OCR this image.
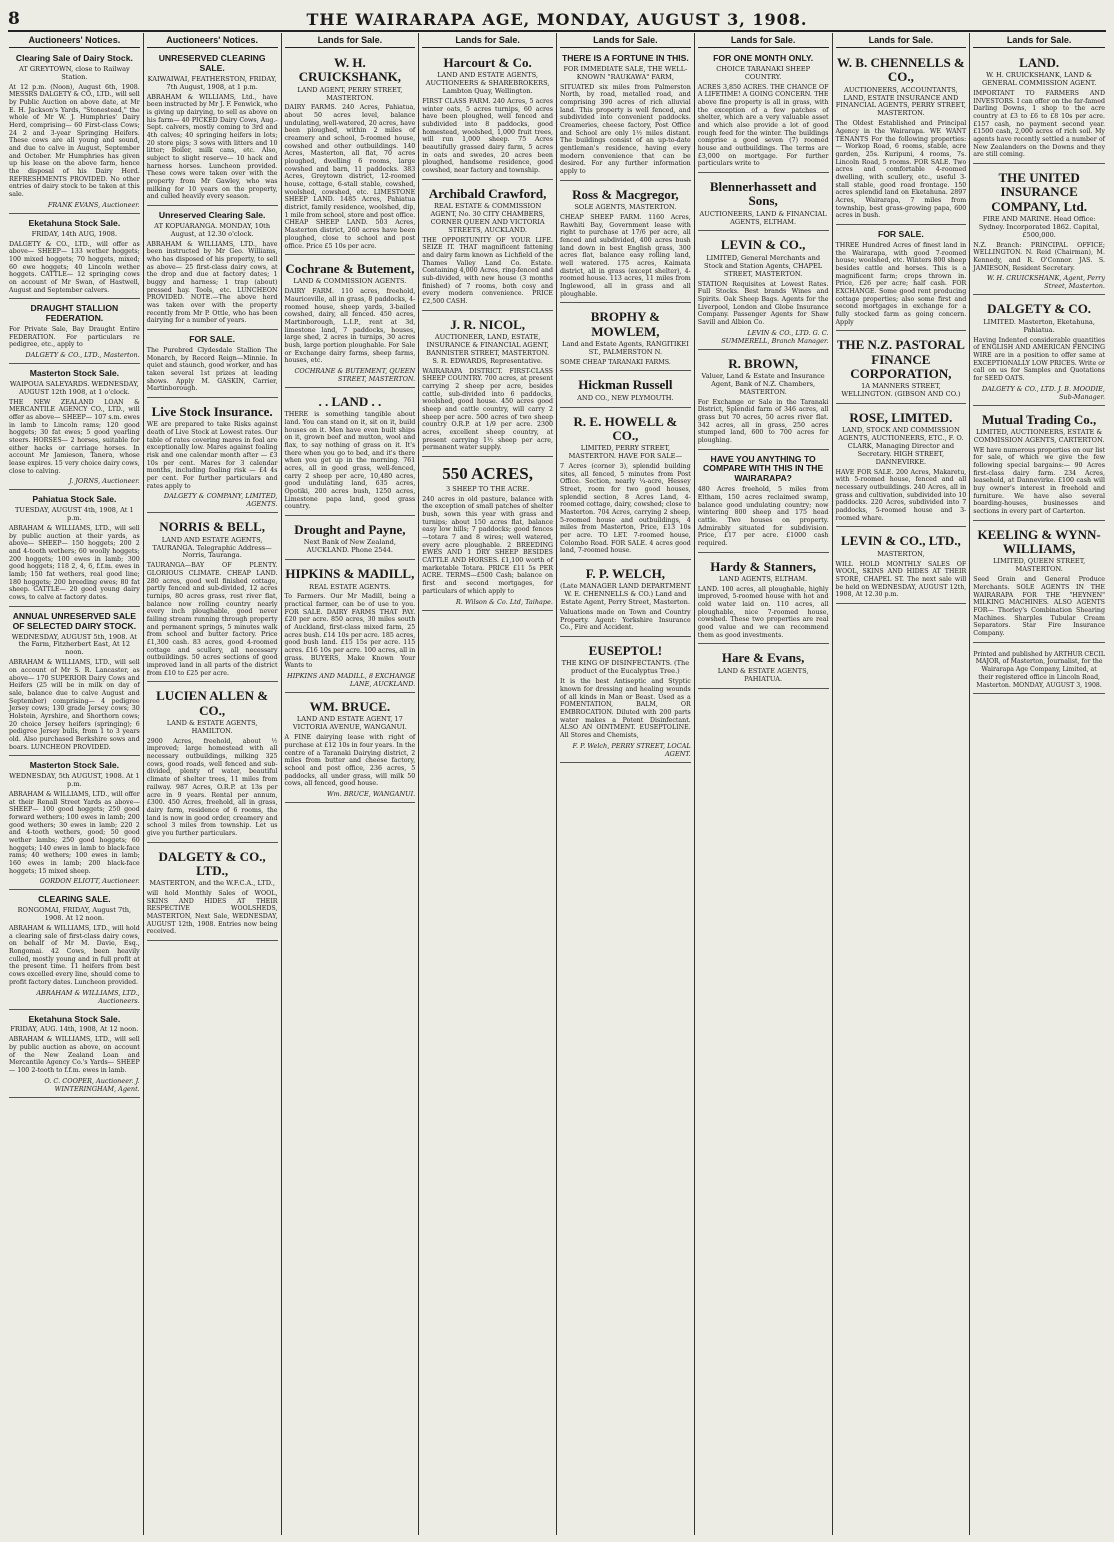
8	THE WAIRARAPA AGE, MONDAY, AUGUST 3, 1908.
Auctioneers' Notices.
Clearing Sale of Dairy Stock.
AT GREYTOWN, close to Railway Station.
At 12 p.m. (Noon), August 6th, 1908. MESSRS DALGETY & CO., LTD., will sell by Public Auction on above date, at Mr E. H. Jackson's Yards, "Stonestead," the whole of Mr W. J. Humphries' Dairy Herd, comprising— 60 First-class Cows; 24 2 and 3-year Springing Heifers. These cows are all young and sound, and due to calve in August, September and October. Mr Humphries has given up his lease on the above farm, hence the disposal of his Dairy Herd. REFRESHMENTS PROVIDED. No other entries of dairy stock to be taken at this sale.
FRANK EVANS, Auctioneer.
Eketahuna Stock Sale.
FRIDAY, 14th AUG, 1908.
DALGETY & CO., LTD., will offer as above— SHEEP— 133 wether hoggets; 100 mixed hoggets; 70 hoggets, mixed; 60 ewe hoggets; 40 Lincoln wether hoggets. CATTLE— 12 springing cows on account of Mr Swan, of Hastwell, August and September calvers.
DRAUGHT STALLION FEDERATION.
For Private Sale, Bay Draught Entire FEDERATION. For particulars re pedigree, etc., apply to
DALGETY & CO., LTD., Masterton.
Masterton Stock Sale.
WAIPOUA SALEYARDS. WEDNESDAY, AUGUST 12th 1908, at 1 o'clock.
THE NEW ZEALAND LOAN & MERCANTILE AGENCY CO., LTD., will offer as above— SHEEP— 107 s.m. ewes in lamb to Lincoln rams; 120 good hoggets; 30 fat ewes; 5 good yearling steers. HORSES— 2 horses, suitable for either hacks or carriage horses. In account Mr Jamieson, Tanera, whose lease expires. 15 very choice dairy cows, close to calving.
J. JORNS, Auctioneer.
Pahiatua Stock Sale.
TUESDAY, AUGUST 4th, 1908, At 1 p.m.
ABRAHAM & WILLIAMS, LTD., will sell by public auction at their yards, as above— SHEEP— 150 hoggets; 200 2 and 4-tooth wethers; 60 woolly hoggets; 200 hoggets; 100 ewes in lamb; 300 good hoggets; 118 2, 4, 6, f.f.m. ewes in lamb; 150 fat wethers, real good line; 180 hoggets; 200 breeding ewes; 80 fat sheep. CATTLE— 20 good young dairy cows, to calve at factory dates.
ANNUAL UNRESERVED SALE OF SELECTED DAIRY STOCK.
WEDNESDAY, AUGUST 5th, 1908. At the Farm, Fitzherbert East, At 12 noon.
ABRAHAM & WILLIAMS, LTD., will sell on account of Mr S. R. Lancaster, as above— 170 SUPERIOR Dairy Cows and Heifers (25 will be in milk on day of sale, balance due to calve August and September) comprising— 4 pedigree Jersey cows; 130 grade Jersey cows; 30 Holstein, Ayrshire, and Shorthorn cows; 20 choice Jersey heifers (springing); 6 pedigree Jersey bulls, from 1 to 3 years old. Also purchased Berkshire sows and boars. LUNCHEON PROVIDED.
Masterton Stock Sale.
WEDNESDAY, 5th AUGUST, 1908. At 1 p.m.
ABRAHAM & WILLIAMS, LTD., will offer at their Renall Street Yards as above— SHEEP— 100 good hoggets; 250 good forward wethers; 100 ewes in lamb; 200 good wethers; 30 ewes in lamb; 220 2 and 4-tooth wethers, good; 50 good wether lambs; 250 good hoggets; 60 hoggets; 140 ewes in lamb to black-face rams; 40 wethers; 100 ewes in lamb; 160 ewes in lamb; 200 black-face hoggets; 15 mixed sheep.
GORDON ELIOTT, Auctioneer.
CLEARING SALE.
RONGOMAI, FRIDAY, August 7th, 1908. At 12 noon.
ABRAHAM & WILLIAMS, LTD., will hold a clearing sale of first-class dairy cows, on behalf of Mr M. Davie, Esq., Rongomai. 42 Cows, been heavily culled, mostly young and in full profit at the present time. 11 heifers from best cows excelled every line, should come to profit factory dates. Luncheon provided.
ABRAHAM & WILLIAMS, LTD., Auctioneers.
Eketahuna Stock Sale.
FRIDAY, AUG. 14th, 1908, At 12 noon.
ABRAHAM & WILLIAMS, LTD., will sell by public auction as above, on account of the New Zealand Loan and Mercantile Agency Co.'s Yards— SHEEP— 100 2-tooth to f.f.m. ewes in lamb.
O. C. COOPER, Auctioneer. J. WINTERINGHAM, Agent.
Auctioneers' Notices.
UNRESERVED CLEARING SALE.
KAIWAIWAI, FEATHERSTON, FRIDAY, 7th August, 1908, at 1 p.m.
ABRAHAM & WILLIAMS, Ltd., have been instructed by Mr J. F. Fenwick, who is giving up dairying, to sell as above on his farm— 40 PICKED Dairy Cows, Aug.-Sept. calvers, mostly coming to 3rd and 4th calves; 40 springing heifers in lots; 20 store pigs; 3 sows with litters and 10 litter; Boiler, milk cans, etc. Also, subject to slight reserve— 10 hack and harness horses. Luncheon provided. These cows were taken over with the property from Mr Gawley, who was milking for 10 years on the property, and culled heavily every season.
Unreserved Clearing Sale.
AT KOPUARANGA. MONDAY, 10th August, at 12.30 o'clock.
ABRAHAM & WILLIAMS, LTD., have been instructed by Mr Geo. Williams, who has disposed of his property, to sell as above— 25 first-class dairy cows, at the drop and due at factory dates; 1 buggy and harness; 1 trap (about) pressed hay. Tools, etc. LUNCHEON PROVIDED. NOTE.—The above herd was taken over with the property recently from Mr P. Ottle, who has been dairying for a number of years.
FOR SALE.
The Purebred Clydesdale Stallion The Monarch, by Record Reign—Minnie. In quiet and staunch, good worker, and has taken several 1st prizes at leading shows. Apply M. GASKIN, Carrier, Martinborough.
Live Stock Insurance.
WE are prepared to take Risks against death of Live Stock at Lowest rates. Our table of rates covering mares in foal are exceptionally low. Mares against foaling risk and one calendar month after — £3 10s per cent. Mares for 3 calendar months, including foaling risk — £4 4s per cent. For further particulars and rates apply to
DALGETY & COMPANY, LIMITED, AGENTS.
NORRIS & BELL,
LAND AND ESTATE AGENTS, TAURANGA. Telegraphic Address—Norris, Tauranga.
TAURANGA—BAY OF PLENTY. GLORIOUS CLIMATE. CHEAP LAND. 280 acres, good well finished cottage, partly fenced and sub-divided, 12 acres turnips, 80 acres grass, rest river flat, balance now rolling country nearly every inch ploughable, good never failing stream running through property and permanent springs, 5 minutes walk from school and butter factory. Price £1,300 cash. 83 acres, good 4-roomed cottage and scullery, all necessary outbuildings. 50 acres sections of good improved land in all parts of the district from £10 to £25 per acre.
LUCIEN ALLEN & CO.,
LAND & ESTATE AGENTS, HAMILTON.
2900 Acres, freehold, about ½ improved; large homestead with all necessary outbuildings, milking 325 cows, good roads, well fenced and sub-divided, plenty of water, beautiful climate of shelter trees, 11 miles from railway. 987 Acres, O.R.P. at 13s per acre in 9 years. Rental per annum, £300. 450 Acres, freehold, all in grass, dairy farm, residence of 6 rooms, the land is now in good order, creamery and school 3 miles from township. Let us give you further particulars.
DALGETY & CO., LTD.,
MASTERTON, and the W.F.C.A., LTD.,
will hold Monthly Sales of WOOL, SKINS AND HIDES AT THEIR RESPECTIVE WOOLSHEDS, MASTERTON, Next Sale, WEDNESDAY, AUGUST 12th, 1908. Entries now being received.
Lands for Sale.
W. H. CRUICKSHANK,
LAND AGENT, PERRY STREET, MASTERTON.
DAIRY FARMS. 240 Acres, Pahiatua, about 50 acres level, balance undulating, well-watered, 20 acres, have been ploughed, within 2 miles of creamery and school, 5-roomed house, cowshed and other outbuildings. 140 Acres, Masterton, all flat, 70 acres ploughed, dwelling 6 rooms, large cowshed and barn, 11 paddocks. 383 Acres, Greytown district, 12-roomed house, cottage, 6-stall stable, cowshed, woolshed, cowshed, etc. LIMESTONE SHEEP LAND. 1485 Acres, Pahiatua district, family residence, woolshed, dip, 1 mile from school, store and post office. CHEAP SHEEP LAND. 503 Acres, Masterton district, 260 acres have been ploughed, close to school and post office. Price £5 10s per acre.
Cochrane & Butement,
LAND & COMMISSION AGENTS.
DAIRY FARM. 110 acres, freehold, Mauriceville, all in grass, 8 paddocks, 4-roomed house, sheep yards, 3-bailed cowshed, dairy, all fenced. 450 acres, Martinborough, L.I.P., rent at 3d, limestone land, 7 paddocks, houses, large shed, 2 acres in turnips, 30 acres bush, large portion ploughable. For Sale or Exchange dairy farms, sheep farms, houses, etc.
COCHRANE & BUTEMENT, QUEEN STREET, MASTERTON.
. . LAND . .
THERE is something tangible about land. You can stand on it, sit on it, build houses on it. Men have even built ships on it, grown beef and mutton, wool and flax, to say nothing of grass on it. It's there when you go to bed, and it's there when you get up in the morning. 761 acres, all in good grass, well-fenced, carry 2 sheep per acre, 10,480 acres, good undulating land, 635 acres, Opotiki, 200 acres bush, 1250 acres, Limestone papa land, good grass country.
Drought and Payne,
Next Bank of New Zealand, AUCKLAND. Phone 2544.
HIPKINS & MADILL,
REAL ESTATE AGENTS.
To Farmers. Our Mr Madill, being a practical farmer, can be of use to you. FOR SALE. DAIRY FARMS THAT PAY. £20 per acre. 850 acres, 30 miles south of Auckland, first-class mixed farm, 25 acres bush. £14 10s per acre. 185 acres, good bush land. £15 15s per acre. 115 acres. £16 10s per acre. 100 acres, all in grass. BUYERS, Make Known Your Wants to
HIPKINS AND MADILL, 8 EXCHANGE LANE, AUCKLAND.
WM. BRUCE.
LAND AND ESTATE AGENT, 17 VICTORIA AVENUE, WANGANUI.
A FINE dairying lease with right of purchase at £12 10s in four years. In the centre of a Taranaki Dairying district, 2 miles from butter and cheese factory, school and post office, 236 acres, 5 paddocks, all under grass, will milk 50 cows, all fenced, good house.
Wm. BRUCE, WANGANUI.
Lands for Sale.
Harcourt & Co.
LAND AND ESTATE AGENTS, AUCTIONEERS & SHAREBROKERS, Lambton Quay, Wellington.
FIRST CLASS FARM. 240 Acres, 5 acres winter oats, 5 acres turnips, 60 acres have been ploughed, well fenced and subdivided into 8 paddocks, good homestead, woolshed, 1,000 fruit trees, will run 1,000 sheep. 75 Acres beautifully grassed dairy farm, 5 acres in oats and swedes, 20 acres been ploughed, handsome residence, good cowshed, near factory and township.
Archibald Crawford,
REAL ESTATE & COMMISSION AGENT, No. 30 CITY CHAMBERS, CORNER QUEEN AND VICTORIA STREETS, AUCKLAND.
THE OPPORTUNITY OF YOUR LIFE. SEIZE IT. THAT magnificent fattening and dairy farm known as Lichfield of the Thames Valley Land Co. Estate. Containing 4,000 Acres, ring-fenced and sub-divided, with new house (3 months finished) of 7 rooms, both cosy and every modern convenience. PRICE £2,500 CASH.
J. R. NICOL,
AUCTIONEER, LAND, ESTATE, INSURANCE & FINANCIAL AGENT, BANNISTER STREET, MASTERTON. S. R. EDWARDS, Representative.
WAIRARAPA DISTRICT. FIRST-CLASS SHEEP COUNTRY. 700 acres, at present carrying 2 sheep per acre, besides cattle, sub-divided into 6 paddocks, woolshed, good house. 450 acres good sheep and cattle country, will carry 2 sheep per acre. 500 acres of two sheep country O.R.P. at 1/9 per acre. 2300 acres, excellent sheep country, at present carrying 1½ sheep per acre, permanent water supply.
550 ACRES,
3 SHEEP TO THE ACRE.
240 acres in old pasture, balance with the exception of small patches of shelter bush, sown this year with grass and turnips; about 150 acres flat, balance easy low hills; 7 paddocks; good fences—totara 7 and 8 wires; well watered, every acre ploughable. 2 BREEDING EWES AND 1 DRY SHEEP BESIDES CATTLE AND HORSES. £1,100 worth of marketable Totara. PRICE £11 5s PER ACRE. TERMS—£500 Cash; balance on first and second mortgages, for particulars of which apply to
R. Wilson & Co. Ltd, Taihape.
Lands for Sale.
THERE IS A FORTUNE IN THIS.
FOR IMMEDIATE SALE, THE WELL-KNOWN "RAUKAWA" FARM,
SITUATED six miles from Palmerston North, by road, metalled road, and comprising 390 acres of rich alluvial land. This property is well fenced, and subdivided into convenient paddocks. Creameries, cheese factory, Post Office and School are only 1½ miles distant. The buildings consist of an up-to-date gentleman's residence, having every modern convenience that can be desired. For any further information apply to
Ross & Macgregor,
SOLE AGENTS, MASTERTON.
CHEAP SHEEP FARM. 1160 Acres, Rawhiti Bay, Government lease with right to purchase at 17/6 per acre, all fenced and subdivided, 400 acres bush land down in best English grass, 300 acres flat, balance easy rolling land, well watered. 175 acres, Kaimata district, all in grass (except shelter), 4-roomed house. 113 acres, 11 miles from Inglewood, all in grass and all ploughable.
BROPHY & MOWLEM,
Land and Estate Agents, RANGITIKEI ST., PALMERSTON N.
SOME CHEAP TARANAKI FARMS.
Hickman Russell
AND CO., NEW PLYMOUTH.
R. E. HOWELL & CO.,
LIMITED, PERRY STREET, MASTERTON. HAVE FOR SALE—
7 Acres (corner 3), splendid building sites, all fenced, 5 minutes from Post Office. Section, nearly ¼-acre, Hessey Street, room for two good houses, splendid section, 8 Acres Land, 4-roomed cottage, dairy, cowshed; close to Masterton. 704 Acres, carrying 2 sheep, 5-roomed house and outbuildings, 4 miles from Masterton, Price, £13 10s per acre. TO LET. 7-roomed house, Colombo Road. FOR SALE. 4 acres good land, 7-roomed house.
F. P. WELCH,
(Late MANAGER LAND DEPARTMENT W. E. CHENNELLS & CO.) Land and Estate Agent, Perry Street, Masterton.
Valuations made on Town and Country Property. Agent: Yorkshire Insurance Co., Fire and Accident.
EUSEPTOL!
THE KING OF DISINFECTANTS. (The product of the Eucalyptus Tree.)
It is the best Antiseptic and Styptic known for dressing and healing wounds of all kinds in Man or Beast. Used as a FOMENTATION, BALM, OR EMBROCATION. Diluted with 200 parts water makes a Potent Disinfectant. ALSO AN OINTMENT. EUSEPTOLINE. All Stores and Chemists,
F. P. Welch, PERRY STREET, LOCAL AGENT.
Lands for Sale.
FOR ONE MONTH ONLY.
CHOICE TARANAKI SHEEP COUNTRY.
ACRES 3,850 ACRES. THE CHANCE OF A LIFETIME! A GOING CONCERN. THE above fine property is all in grass, with the exception of a few patches of shelter, which are a very valuable asset and which also provide a lot of good rough feed for the winter. The buildings comprise a good seven (7) roomed house and outbuildings. The terms are £3,000 on mortgage. For further particulars write to
Blennerhassett and Sons,
AUCTIONEERS, LAND & FINANCIAL AGENTS, ELTHAM.
LEVIN & CO.,
LIMITED, General Merchants and Stock and Station Agents, CHAPEL STREET, MASTERTON.
STATION Requisites at Lowest Rates. Full Stocks. Best brands Wines and Spirits. Oak Sheep Bags. Agents for the Liverpool, London and Globe Insurance Company. Passenger Agents for Shaw Savill and Albion Co.
LEVIN & CO., LTD. G. C. SUMMERELL, Branch Manager.
R. BROWN,
Valuer, Land & Estate and Insurance Agent, Bank of N.Z. Chambers, MASTERTON.
For Exchange or Sale in the Taranaki District, Splendid farm of 346 acres, all grass but 70 acres, 50 acres river flat. 342 acres, all in grass, 250 acres stumped land, 600 to 700 acres for ploughing.
HAVE YOU ANYTHING TO COMPARE WITH THIS IN THE WAIRARAPA?
480 Acres freehold, 5 miles from Eltham, 150 acres reclaimed swamp, balance good undulating country; now wintering 800 sheep and 175 head cattle. Two houses on property. Admirably situated for subdivision. Price, £17 per acre. £1000 cash required.
Hardy & Stanners,
LAND AGENTS, ELTHAM.
LAND. 100 acres, all ploughable, highly improved, 5-roomed house with hot and cold water laid on. 110 acres, all ploughable, nice 7-roomed house, cowshed. These two properties are real good value and we can recommend them as good investments.
Hare & Evans,
LAND & ESTATE AGENTS, PAHIATUA.
Lands for Sale.
W. B. CHENNELLS & CO.,
AUCTIONEERS, ACCOUNTANTS, LAND, ESTATE INSURANCE AND FINANCIAL AGENTS, PERRY STREET, MASTERTON.
The Oldest Established and Principal Agency in the Wairarapa. WE WANT TENANTS For the following properties:— Workop Road, 6 rooms, stable, acre garden, 25s. Kuripuni, 4 rooms, 7s. Lincoln Road, 5 rooms. FOR SALE. Two acres and comfortable 4-roomed dwelling, with scullery, etc., useful 3-stall stable, good road frontage. 150 acres splendid land on Eketahuna. 2897 Acres, Wairarapa, 7 miles from township, best grass-growing papa, 600 acres in bush.
FOR SALE.
THREE Hundred Acres of finest land in the Wairarapa, with good 7-roomed house; woolshed, etc. Winters 800 sheep besides cattle and horses. This is a magnificent farm; crops thrown in. Price, £26 per acre; half cash. FOR EXCHANGE. Some good rent producing cottage properties; also some first and second mortgages in exchange for a fully stocked farm as going concern. Apply
THE N.Z. PASTORAL FINANCE CORPORATION,
1A MANNERS STREET, WELLINGTON. (GIBSON AND CO.)
ROSE, LIMITED.
LAND, STOCK AND COMMISSION AGENTS, AUCTIONEERS, ETC., F. O. CLARK, Managing Director and Secretary. HIGH STREET, DANNEVIRKE.
HAVE FOR SALE. 200 Acres, Makaretu, with 5-roomed house, fenced and all necessary outbuildings. 240 Acres, all in grass and cultivation, subdivided into 10 paddocks. 220 Acres, subdivided into 7 paddocks, 5-roomed house and 3-roomed whare.
LEVIN & CO., LTD.,
MASTERTON,
WILL HOLD MONTHLY SALES OF WOOL, SKINS AND HIDES AT THEIR STORE, CHAPEL ST. The next sale will be held on WEDNESDAY, AUGUST 12th, 1908, At 12.30 p.m.
Lands for Sale.
LAND.
W. H. CRUICKSHANK, LAND & GENERAL COMMISSION AGENT.
IMPORTANT TO FARMERS AND INVESTORS. I can offer on the far-famed Darling Downs, 1 shop to the acre country at £3 to £6 to £8 10s per acre. £157 cash, no payment second year. £1500 cash, 2,000 acres of rich soil. My agents have recently settled a number of New Zealanders on the Downs and they are still coming.
THE UNITED INSURANCE COMPANY, Ltd.
FIRE AND MARINE. Head Office: Sydney. Incorporated 1862. Capital, £500,000.
N.Z. Branch: PRINCIPAL OFFICE; WELLINGTON. N. Reid (Chairman), M. Kennedy, and R. O'Connor. JAS. S. JAMIESON, Resident Secretary.
W. H. CRUICKSHANK, Agent, Perry Street, Masterton.
DALGETY & CO.
LIMITED. Masterton, Eketahuna, Pahiatua.
Having Indented considerable quantities of ENGLISH AND AMERICAN FENCING WIRE are in a position to offer same at EXCEPTIONALLY LOW PRICES. Write or call on us for Samples and Quotations for SEED OATS.
DALGETY & CO., LTD. J. B. MOODIE, Sub-Manager.
Mutual Trading Co.,
LIMITED, AUCTIONEERS, ESTATE & COMMISSION AGENTS, CARTERTON.
WE have numerous properties on our list for sale, of which we give the few following special bargains:— 90 Acres first-class dairy farm. 234 Acres, leasehold, at Dannevirke. £100 cash will buy owner's interest in freehold and furniture. We have also several boarding-houses, businesses and sections in every part of Carterton.
KEELING & WYNN-WILLIAMS,
LIMITED, QUEEN STREET, MASTERTON.
Seed Grain and General Produce Merchants. SOLE AGENTS IN THE WAIRARAPA FOR THE "HEYNEN" MILKING MACHINES. ALSO AGENTS FOR— Thorley's Combination Shearing Machines. Sharples Tubular Cream Separators. Star Fire Insurance Company.
Printed and published by ARTHUR CECIL MAJOR, of Masterton, Journalist, for the Wairarapa Age Company, Limited, at their registered office in Lincoln Road, Masterton. MONDAY, AUGUST 3, 1908.
